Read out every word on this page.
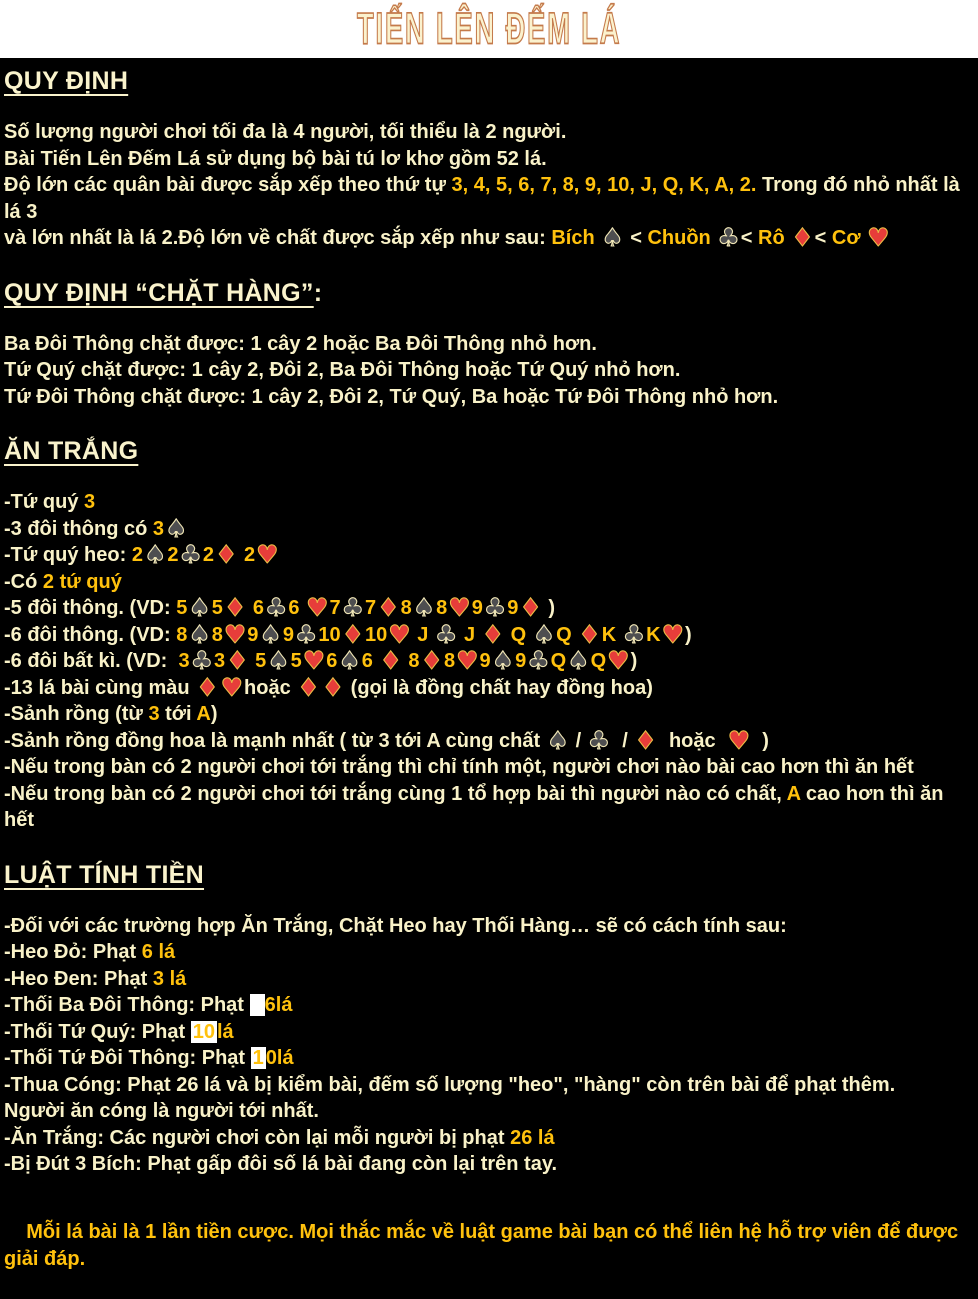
TIẾN LÊN ĐẾM LÁ
QUY ĐỊNH
Số lượng người chơi tối đa là 4 người, tối thiểu là 2 người.
Bài Tiến Lên Đếm Lá sử dụng bộ bài tú lơ khơ gồm 52 lá.
Độ lớn các quân bài được sắp xếp theo thứ tự 3, 4, 5, 6, 7, 8, 9, 10, J, Q, K, A, 2. Trong đó nhỏ nhất là lá 3
và lớn nhất là lá 2.Độ lớn về chất được sắp xếp như sau: Bích ♠ < Chuồn ♣< Rô ♦< Cơ ♥
QUY ĐỊNH “CHẶT HÀNG”:
Ba Đôi Thông chặt được: 1 cây 2 hoặc Ba Đôi Thông nhỏ hơn.
Tứ Quý chặt được: 1 cây 2, Đôi 2, Ba Đôi Thông hoặc Tứ Quý nhỏ hơn.
Tứ Đôi Thông chặt được: 1 cây 2, Đôi 2, Tứ Quý, Ba hoặc Tứ Đôi Thông nhỏ hơn.
ĂN TRẮNG
-Tứ quý 3
-3 đôi thông có 3♠
-Tứ quý heo: 2♠2♣2♦ 2♥
-Có 2 tứ quý
-5 đôi thông. (VD: 5♠5♦ 6♣6 ♥7♣7♦8♠8♥9♣9♦ )
-6 đôi thông. (VD: 8♠8♥9♠9♣10♦10♥ J ♣ J ♦ Q ♠Q ♦K ♣K♥)
-6 đôi bất kì. (VD:  3♣3♦ 5♠5♥6♠6 ♦ 8♦8♥9♠9♣Q♠Q♥)
-13 lá bài cùng màu ♦♥hoặc ♦♦ (gọi là đồng chất hay đồng hoa)
-Sảnh rồng (từ 3 tới A)
-Sảnh rồng đồng hoa là mạnh nhất ( từ 3 tới A cùng chất ♠ / ♣  / ♦  hoặc  ♥  )
-Nếu trong bàn có 2 người chơi tới trắng thì chỉ tính một, người chơi nào bài cao hơn thì ăn hết
-Nếu trong bàn có 2 người chơi tới trắng cùng 1 tổ hợp bài thì người nào có chất, A cao hơn thì ăn hết
LUẬT TÍNH TIỀN
-Đối với các trường hợp Ăn Trắng, Chặt Heo hay Thối Hàng… sẽ có cách tính sau:
-Heo Đỏ: Phạt 6 lá
-Heo Đen: Phạt 3 lá
-Thối Ba Đôi Thông: Phạt   6lá
-Thối Tứ Quý: Phạt 10 lá
-Thối Tứ Đôi Thông: Phạt 1 0lá
-Thua Cóng: Phạt 26 lá và bị kiểm bài, đếm số lượng "heo", "hàng" còn trên bài để phạt thêm.
Người ăn cóng là người tới nhất.
-Ăn Trắng: Các người chơi còn lại mỗi người bị phạt 26 lá
-Bị Đút 3 Bích: Phạt gấp đôi số lá bài đang còn lại trên tay.

Mỗi lá bài là 1 lần tiền cược. Mọi thắc mắc về luật game bài bạn có thể liên hệ hỗ trợ viên để được giải đáp.
